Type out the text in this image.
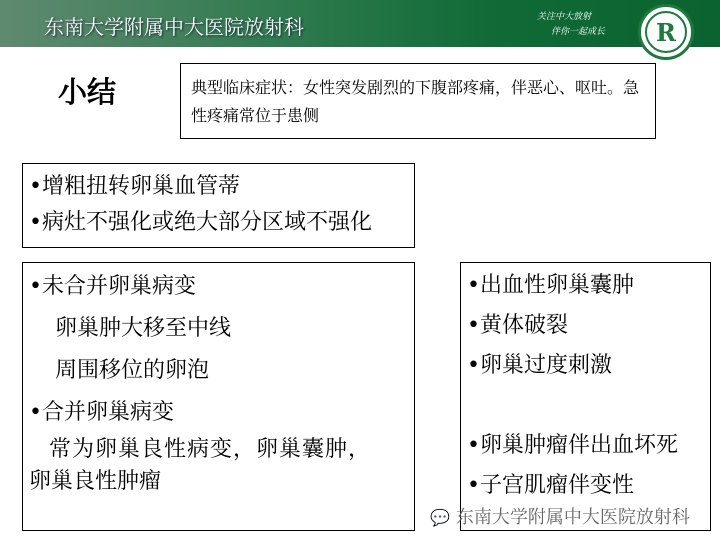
东南大学附属中大医院放射科	关注中大放射
伴你一起成长	R
小结	典型临床症状：女性突发剧烈的下腹部疼痛，伴恶心、呕吐。急性疼痛常位于患侧
•增粗扭转卵巢血管蒂
•病灶不强化或绝大部分区域不强化
•未合并卵巢病变
卵巢肿大移至中线
周围移位的卵泡
•合并卵巢病变
常为卵巢良性病变，卵巢囊肿，
卵巢良性肿瘤
•出血性卵巢囊肿
•黄体破裂
•卵巢过度刺激
•卵巢肿瘤伴出血坏死
•子宫肌瘤伴变性
💬 东南大学附属中大医院放射科
